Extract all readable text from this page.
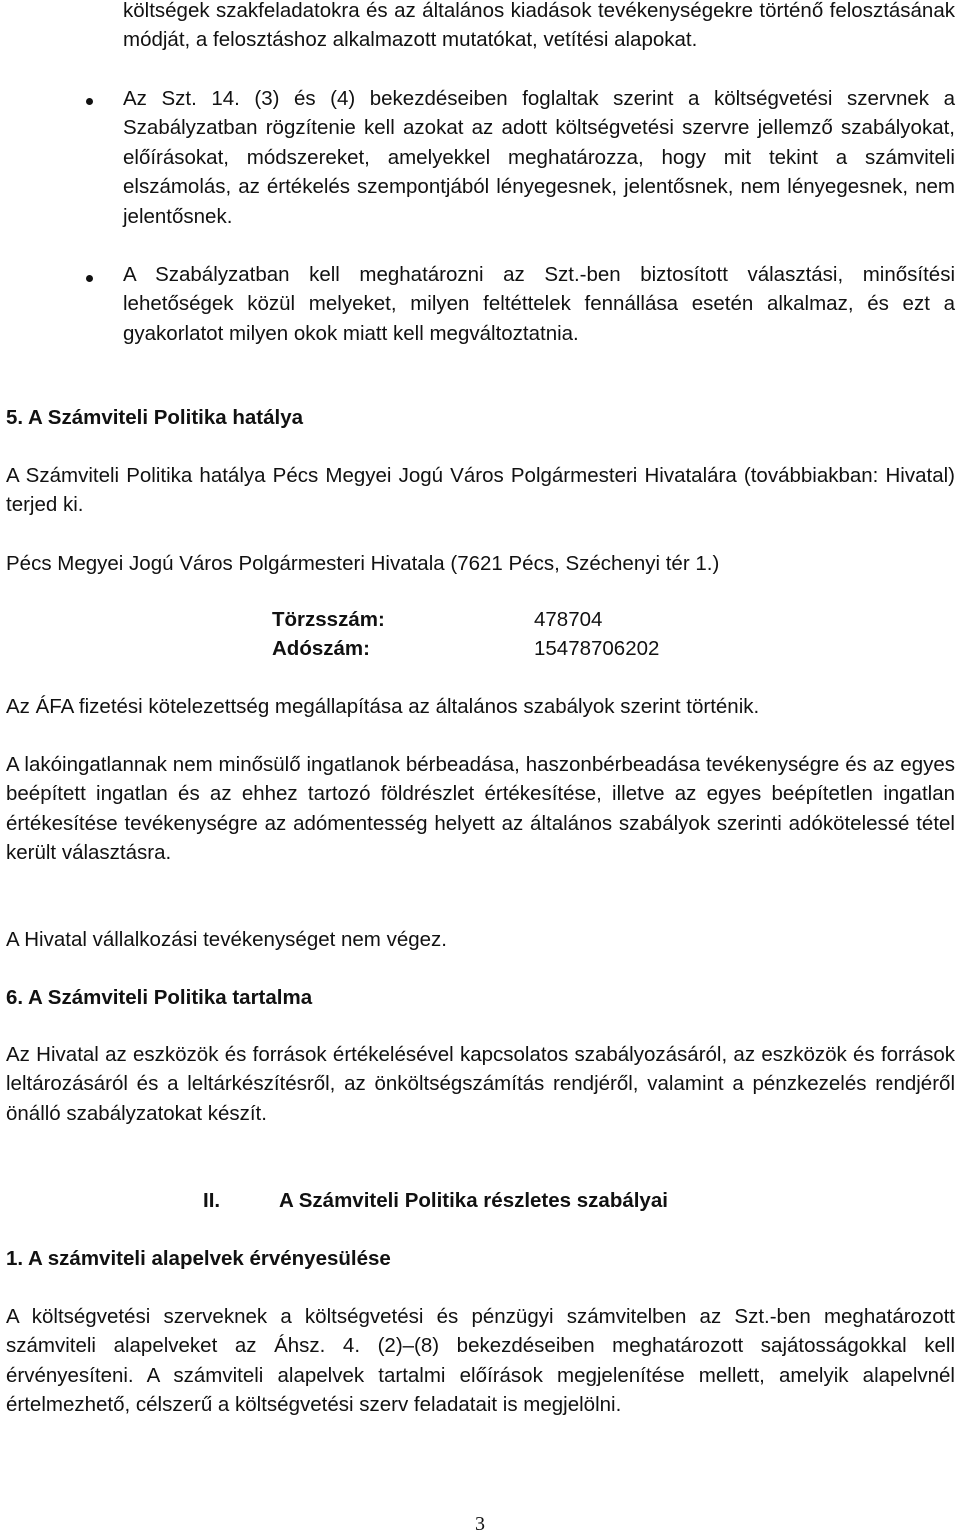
költségek szakfeladatokra és az általános kiadások tevékenységekre történő felosztásának módját, a felosztáshoz alkalmazott mutatókat, vetítési alapokat.
Az Szt. 14. (3) és (4) bekezdéseiben foglaltak szerint a költségvetési szervnek a Szabályzatban rögzítenie kell azokat az adott költségvetési szervre jellemző szabályokat, előírásokat, módszereket, amelyekkel meghatározza, hogy mit tekint a számviteli elszámolás, az értékelés szempontjából lényegesnek, jelentősnek, nem lényegesnek, nem jelentősnek.
A Szabályzatban kell meghatározni az Szt.-ben biztosított választási, minősítési lehetőségek közül melyeket, milyen feltéttelek fennállása esetén alkalmaz, és ezt a gyakorlatot milyen okok miatt kell megváltoztatnia.
5. A Számviteli Politika hatálya
A Számviteli Politika hatálya Pécs Megyei Jogú Város Polgármesteri Hivatalára (továbbiakban: Hivatal) terjed ki.
Pécs Megyei Jogú Város Polgármesteri Hivatala (7621 Pécs, Széchenyi tér 1.)
Törzsszám:	478704
Adószám:	15478706202
Az ÁFA fizetési kötelezettség megállapítása az általános szabályok szerint történik.
A lakóingatlannak nem minősülő ingatlanok bérbeadása, haszonbérbeadása tevékenységre és az egyes beépített ingatlan és az ehhez tartozó földrészlet értékesítése, illetve az egyes beépítetlen ingatlan értékesítése tevékenységre az adómentesség helyett az általános szabályok szerinti adókötelessé tétel került választásra.
A Hivatal vállalkozási tevékenységet nem végez.
6. A Számviteli Politika tartalma
Az Hivatal az eszközök és források értékelésével kapcsolatos szabályozásáról, az eszközök és források leltározásáról és a leltárkészítésről, az önköltségszámítás rendjéről, valamint a pénzkezelés rendjéről önálló szabályzatokat készít.
II.	A Számviteli Politika részletes szabályai
1. A számviteli alapelvek érvényesülése
A költségvetési szerveknek a költségvetési és pénzügyi számvitelben az Szt.-ben meghatározott számviteli alapelveket az Áhsz. 4. (2)–(8) bekezdéseiben meghatározott sajátosságokkal kell érvényesíteni. A számviteli alapelvek tartalmi előírások megjelenítése mellett, amelyik alapelvnél értelmezhető, célszerű a költségvetési szerv feladatait is megjelölni.
3
